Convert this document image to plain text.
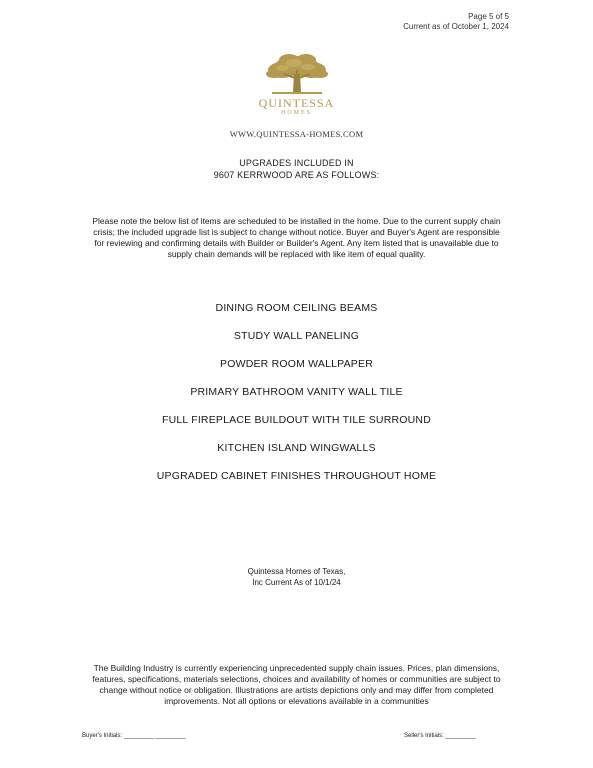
Page 5 of 5
Current as of October 1, 2024
QUINTESSA
HOMES
WWW.QUINTESSA-HOMES.COM
UPGRADES INCLUDED IN
9607 KERRWOOD ARE AS FOLLOWS:
Please note the below list of items are scheduled to be installed in the home. Due to the current supply chain crisis; the included upgrade list is subject to change without notice. Buyer and Buyer's Agent are responsible for reviewing and confirming details with Builder or Builder's Agent. Any item listed that is unavailable due to supply chain demands will be replaced with like item of equal quality.
DINING ROOM CEILING BEAMS
STUDY WALL PANELING
POWDER ROOM WALLPAPER
PRIMARY BATHROOM VANITY WALL TILE
FULL FIREPLACE BUILDOUT WITH TILE SURROUND
KITCHEN ISLAND WINGWALLS
UPGRADED CABINET FINISHES THROUGHOUT HOME
Quintessa Homes of Texas,
Inc Current As of 10/1/24
The Building Industry is currently experiencing unprecedented supply chain issues. Prices, plan dimensions, features, specifications, materials selections, choices and availability of homes or communities are subject to change without notice or obligation. Illustrations are artists depictions only and may differ from completed improvements. Not all options or elevations available in a communities
Buyer's Initials: _________ _________	Seller's Initials: _________
